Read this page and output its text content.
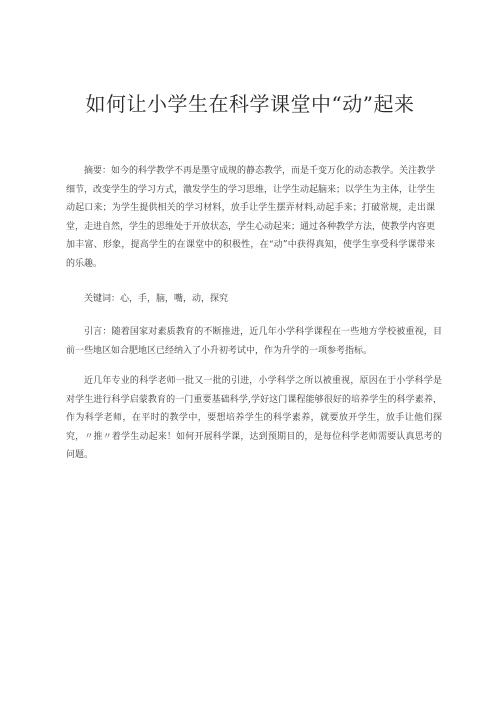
如何让小学生在科学课堂中“动”起来

摘要：如今的科学教学不再是墨守成规的静态教学，而是千变万化的动态教学。关注教学细节，改变学生的学习方式，激发学生的学习思维，让学生动起脑来；以学生为主体，让学生动起口来；为学生提供相关的学习材料，放手让学生摆弄材料,动起手来；打破常规，走出课堂，走进自然，学生的思维处于开放状态，学生心动起来；通过各种教学方法，使教学内容更加丰富、形象，提高学生的在课堂中的积极性，在“动”中获得真知，使学生享受科学课带来的乐趣。

关键词：心，手，脑，嘴，动，探究

引言：随着国家对素质教育的不断推进，近几年小学科学课程在一些地方学校被重视，目前一些地区如合肥地区已经纳入了小升初考试中，作为升学的一项参考指标。

近几年专业的科学老师一批又一批的引进，小学科学之所以被重视，原因在于小学科学是对学生进行科学启蒙教育的一门重要基础科学,学好这门课程能够很好的培养学生的科学素养，作为科学老师，在平时的教学中，要想培养学生的科学素养，就要放开学生，放手让他们探究，〃推〃着学生动起来！如何开展科学课，达到预期目的，是每位科学老师需要认真思考的问题。
